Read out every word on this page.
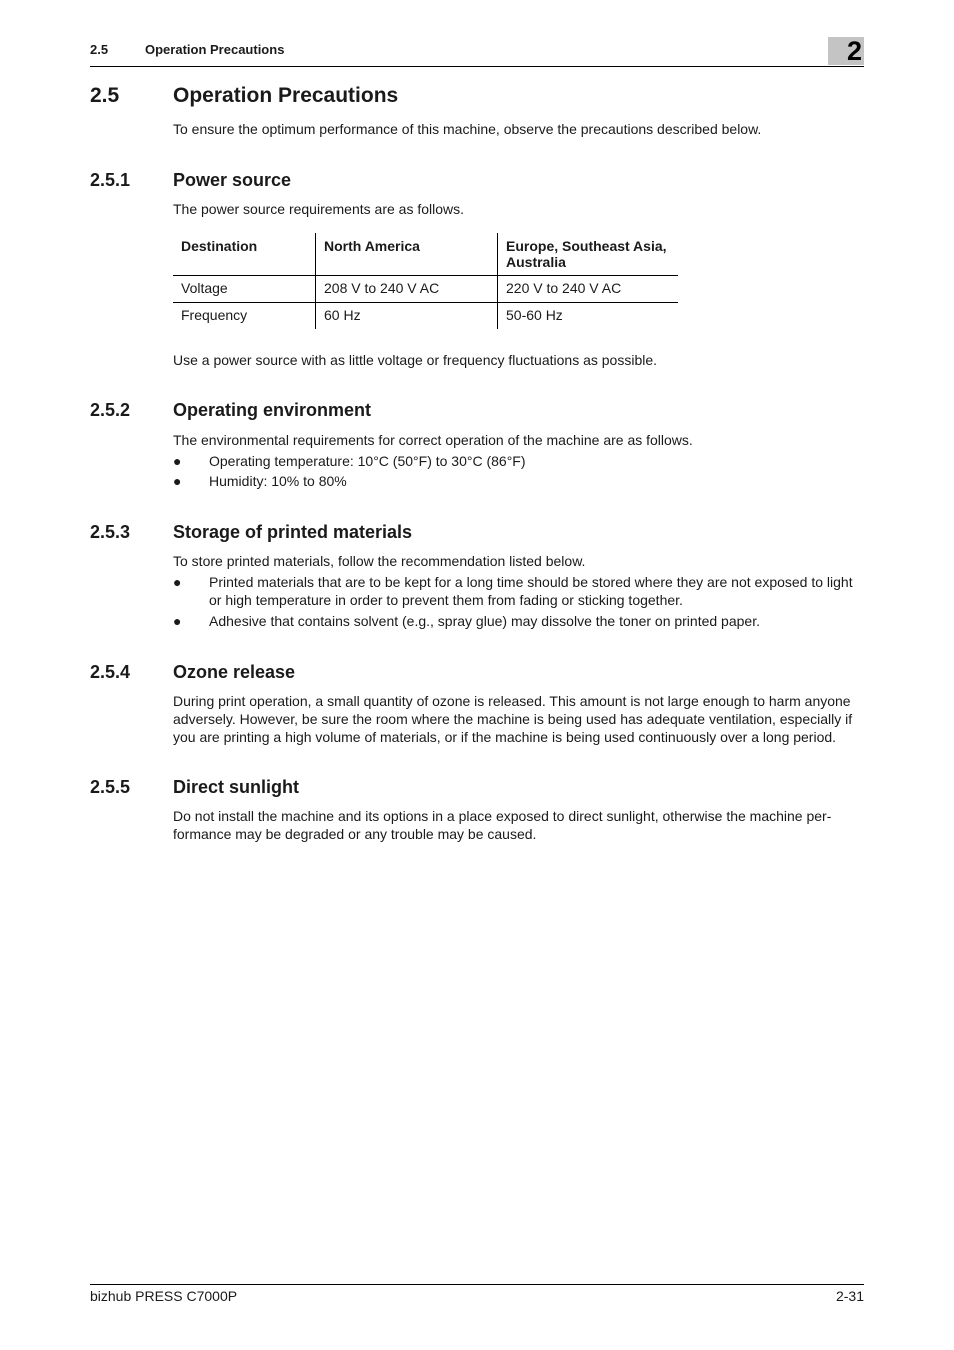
2.5	Operation Precautions	2
2.5	Operation Precautions
To ensure the optimum performance of this machine, observe the precautions described below.
2.5.1 Power source
The power source requirements are as follows.
Destination	North America	Europe, Southeast Asia, Australia
Voltage	208 V to 240 V AC	220 V to 240 V AC
Frequency	60 Hz	50-60 Hz
Use a power source with as little voltage or frequency fluctuations as possible.
2.5.2 Operating environment
The environmental requirements for correct operation of the machine are as follows.
● Operating temperature: 10°C (50°F) to 30°C (86°F)
● Humidity: 10% to 80%
2.5.3 Storage of printed materials
To store printed materials, follow the recommendation listed below.
● Printed materials that are to be kept for a long time should be stored where they are not exposed to light or high temperature in order to prevent them from fading or sticking together.
● Adhesive that contains solvent (e.g., spray glue) may dissolve the toner on printed paper.
2.5.4 Ozone release
During print operation, a small quantity of ozone is released. This amount is not large enough to harm anyone adversely. However, be sure the room where the machine is being used has adequate ventilation, especially if you are printing a high volume of materials, or if the machine is being used continuously over a long period.
2.5.5 Direct sunlight
Do not install the machine and its options in a place exposed to direct sunlight, otherwise the machine per-formance may be degraded or any trouble may be caused.
bizhub PRESS C7000P	2-31
